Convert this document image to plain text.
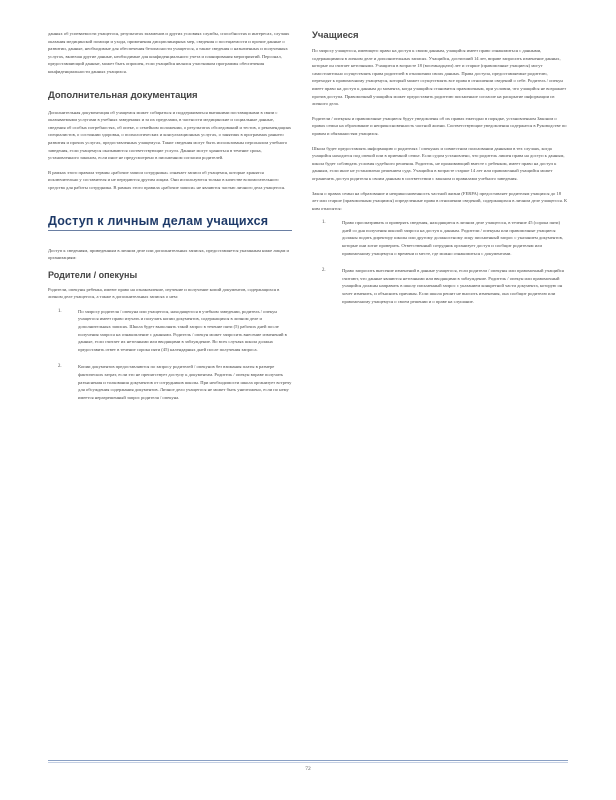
данных об успеваемости учащегося, результатах экзаменов и других условиях службы, способностях и интересах, случаях оказания медицинской помощи и ухода, применения дисциплинарных мер, сведения о посещаемости и прочие данные о развитии, данные, необходимые для обеспечения безопасности учащегося, а также сведения о назначенных и полученных услугах, включая другие данные, необходимые для конфиденциального учета и планирования мероприятий. Персонал, предоставляющий данные, может быть опрошен, если учащийся являлся участником программы обеспечения конфиденциальности данных учащихся.

Дополнительная документация

Дополнительная документация об учащемся может собираться и поддерживаться внешними поставщиками в связи с оказываемыми услугами в учебных заведениях и за их пределами, в частности медицинские и социальные данные, сведения об особых потребностях, об опеке, о семейном положении, о результатах обследований и тестов, о рекомендациях специалистов, о состоянии здоровья, о психологических и консультационных услугах, о занятиях в программах раннего развития и прочих услугах, предоставленных учащемуся. Такие сведения могут быть использованы персоналом учебного заведения, если учащемуся оказываются соответствующие услуги. Данные могут храниться в течение срока, установленного законом, если иное не предусмотрено в письменном согласии родителей.

В рамках этого правила термин «рабочие записи сотрудника» означает записи об учащемся, которые хранятся исключительно у составителя и не передаются другим лицам. Они используются только в качестве вспомогательного средства для работы сотрудника. В рамках этого правила «рабочие записи» не являются частью личного дела учащегося.

Доступ к личным делам учащихся

Доступ к сведениям, приведенным в личном деле или дополнительных записях, предоставляется указанным ниже лицам и организациям:

Родители / опекуны

Родители, опекуны ребенка, имеют право на ознакомление, изучение и получение копий документов, содержащихся в личном деле учащегося, а также в дополнительных записях о нем:

1.	По запросу родителя / опекуна или учащегося, находящегося в учебном заведении, родитель / опекун учащегося имеет право изучать и получать копии документов, содержащихся в личном деле и дополнительных записях. Школа будет выполнять такой запрос в течение пяти (5) рабочих дней после получения запроса на ознакомление с данными. Родитель / опекун может запросить внесение изменений в данные, если считает их неточными или вводящими в заблуждение. Во всех случаях школа должна предоставить ответ в течение сорока пяти (45) календарных дней после получения запроса.

2.	Копии документов предоставляются по запросу родителей / опекунов без взимания платы в размере фактических затрат, если это не препятствует доступу к документам. Родитель / опекун вправе получить разъяснения и толкования документов от сотрудников школы. При необходимости школа организует встречу для обсуждения содержания документов. Личное дело учащегося не может быть уничтожено, если по нему имеется неразрешенный запрос родителя / опекуна.

Учащиеся

По запросу учащегося, имеющего право на доступ к своим данным, учащийся имеет право ознакомиться с данными, содержащимися в личном деле и дополнительных записях. Учащийся, достигший 14 лет, вправе запросить изменение данных, которые он считает неточными. Учащиеся в возрасте 18 (восемнадцати) лет и старше (правомочные учащиеся) могут самостоятельно осуществлять права родителей в отношении своих данных. Права доступа, предоставляемые родителю, переходят к правомочному учащемуся, который может осуществлять все права в отношении сведений о себе. Родитель / опекун имеет право на доступ к данным до момента, когда учащийся становится правомочным, при условии, что учащийся не возражает против доступа. Правомочный учащийся может предоставить родителю письменное согласие на раскрытие информации из личного дела.

Родители / опекуны и правомочные учащиеся будут уведомлены об их правах ежегодно в порядке, установленном Законом о правах семьи на образование и неприкосновенность частной жизни. Соответствующие уведомления содержатся в Руководстве по правам и обязанностям учащихся.

Школа будет предоставлять информацию о родителях / опекунах и совместном пользовании данными в тех случаях, когда учащийся находится под опекой или в приемной семье. Если судом установлено, что родитель лишен права на доступ к данным, школа будет соблюдать условия судебного решения. Родитель, не проживающий вместе с ребенком, имеет право на доступ к данным, если иное не установлено решением суда. Учащийся в возрасте старше 14 лет или правомочный учащийся может ограничить доступ родителя к своим данным в соответствии с законом и правилами учебного заведения.

Закон о правах семьи на образование и неприкосновенность частной жизни (FERPA) предоставляет родителям учащихся до 18 лет или старше (правомочным учащимся) определенные права в отношении сведений, содержащихся в личном деле учащегося. К ним относятся:

1.	Право просматривать и проверять сведения, находящиеся в личном деле учащегося, в течение 45 (сорока пяти) дней со дня получения школой запроса на доступ к данным. Родители / опекуны или правомочные учащиеся должны подать директору школы или другому должностному лицу письменный запрос с указанием документов, которые они хотят проверить. Ответственный сотрудник организует доступ и сообщит родителям или правомочному учащемуся о времени и месте, где можно ознакомиться с документами.

2.	Право запросить внесение изменений в данные учащегося, если родители / опекуны или правомочный учащийся считают, что данные являются неточными или вводящими в заблуждение. Родитель / опекун или правомочный учащийся должны направить в школу письменный запрос с указанием конкретной части документа, которую он хочет изменить, и объяснить причины. Если школа решит не вносить изменения, она сообщит родителю или правомочному учащемуся о своем решении и о праве на слушание.

72
